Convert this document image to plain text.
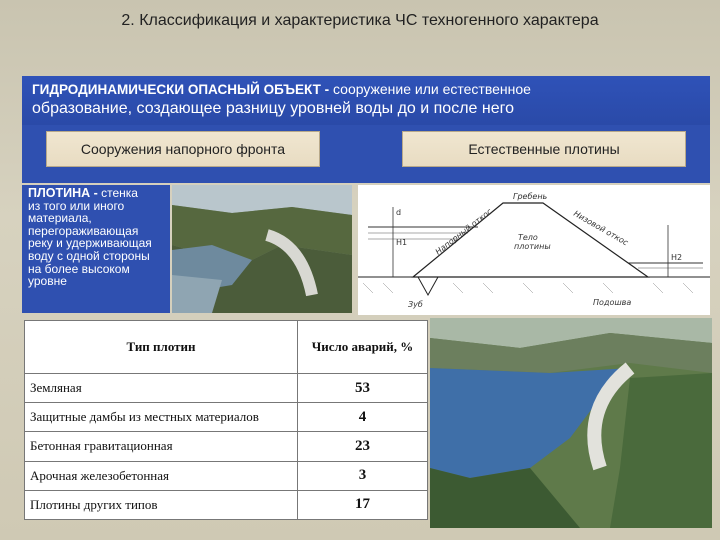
2. Классификация и характеристика ЧС техногенного характера
ГИДРОДИНАМИЧЕСКИ ОПАСНЫЙ ОБЪЕКТ - сооружение или естественное
образование, создающее разницу уровней воды до и после него
Сооружения напорного фронта	Естественные плотины
ПЛОТИНА - стенка
из того или иного материала, перегораживающая реку и удерживающая воду с одной стороны на более высоком уровне
Гребень
Низовой откос
Напорный откос	Тело
плотины
Подошва
Зуб
H1
H2
d
Тип плотин	Число аварий, %
Земляная	53
Защитные дамбы из местных материалов	4
Бетонная гравитационная	23
Арочная железобетонная	3
Плотины других типов	17
